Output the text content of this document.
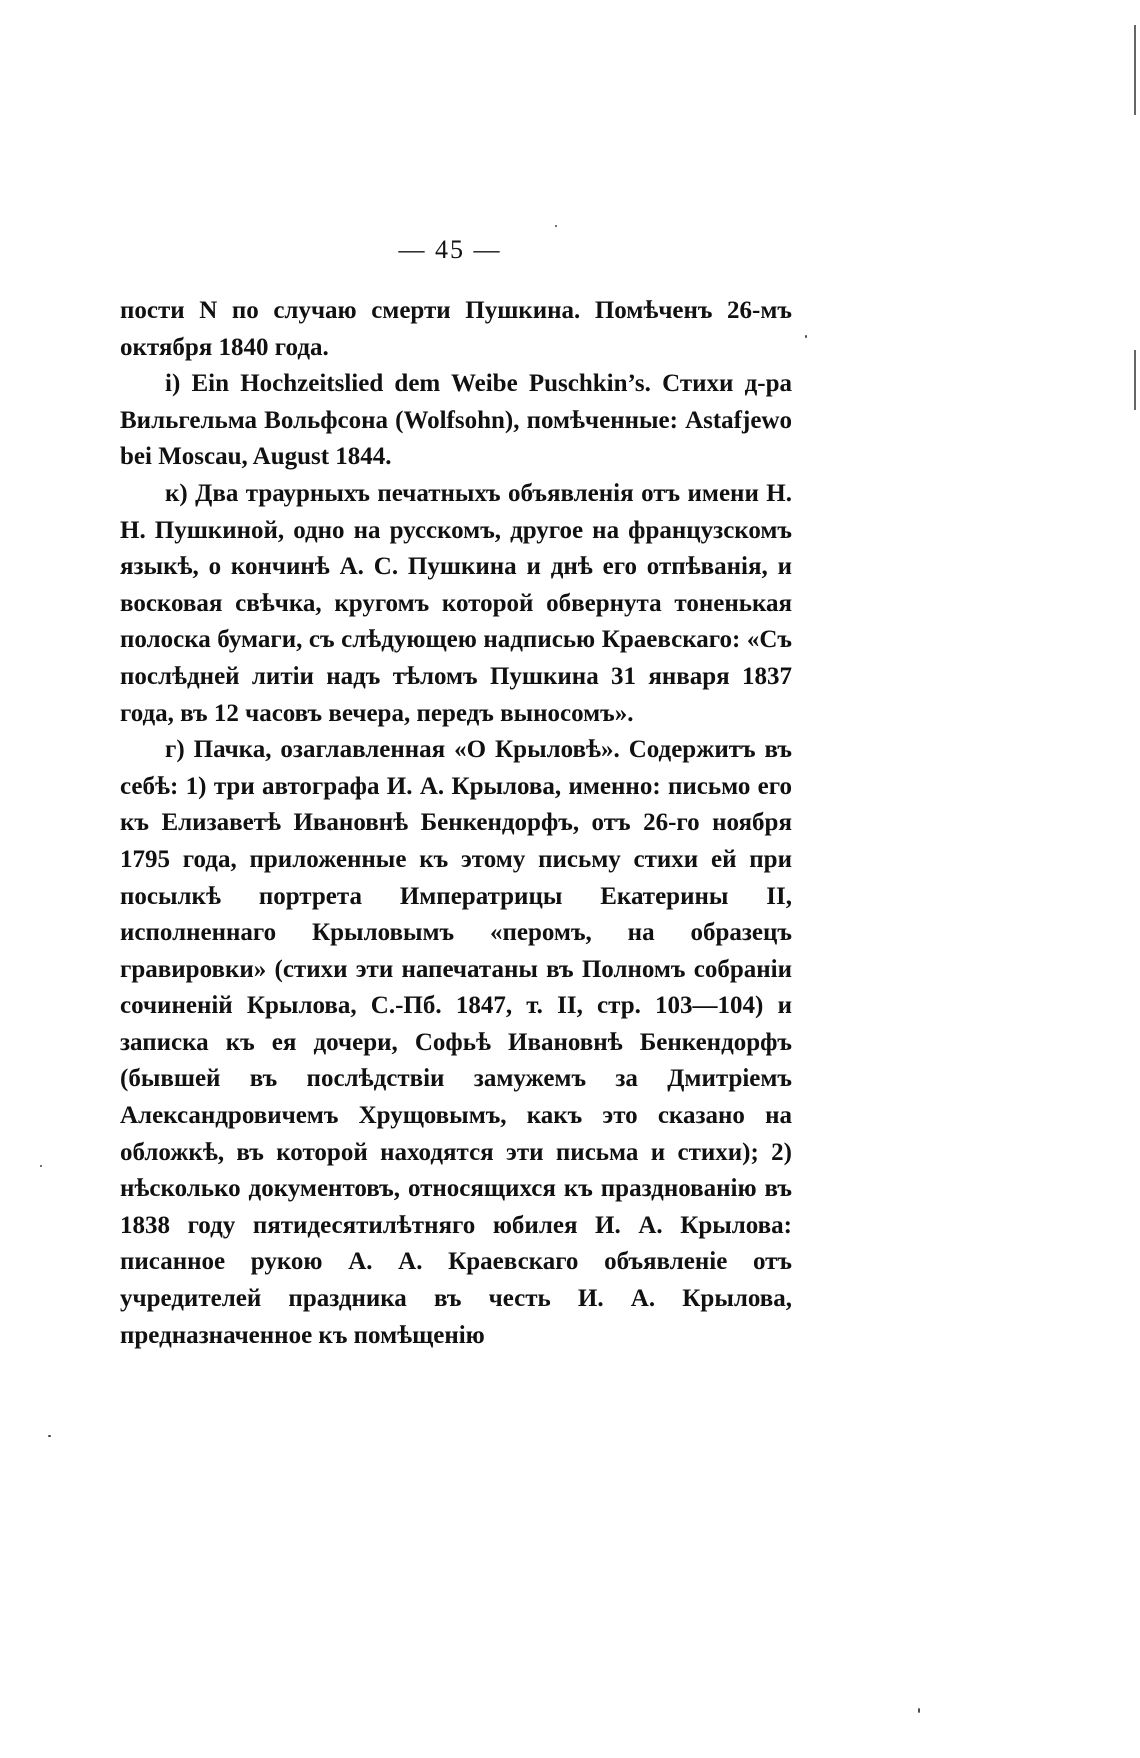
— 45 —

пости N по случаю смерти Пушкина. Помѣченъ 26-мъ октября 1840 года.

i) Ein Hochzeitslied dem Weibe Puschkin’s. Стихи д-ра Вильгельма Вольфсона (Wolfsohn), помѣченные: Astafjewo bei Moscau, August 1844.

к) Два траурныхъ печатныхъ объявленія отъ имени Н. Н. Пушкиной, одно на русскомъ, другое на французскомъ языкѣ, о кончинѣ А. С. Пушкина и днѣ его отпѣванія, и восковая свѣчка, кругомъ которой обвернута тоненькая полоска бумаги, съ слѣдующею надписью Краевскаго: «Съ послѣдней литіи надъ тѣломъ Пушкина 31 января 1837 года, въ 12 часовъ вечера, передъ выносомъ».

г) Пачка, озаглавленная «О Крыловѣ». Содержитъ въ себѣ: 1) три автографа И. А. Крылова, именно: письмо его къ Елизаветѣ Ивановнѣ Бенкендорфъ, отъ 26-го ноября 1795 года, приложенные къ этому письму стихи ей при посылкѣ портрета Императрицы Екатерины II, исполненнаго Крыловымъ «перомъ, на образецъ гравировки» (стихи эти напечатаны въ Полномъ собраніи сочиненій Крылова, С.-Пб. 1847, т. II, стр. 103—104) и записка къ ея дочери, Софьѣ Ивановнѣ Бенкендорфъ (бывшей въ послѣдствіи замужемъ за Дмитріемъ Александровичемъ Хрущовымъ, какъ это сказано на обложкѣ, въ которой находятся эти письма и стихи); 2) нѣсколько документовъ, относящихся къ празднованію въ 1838 году пятидесятилѣтняго юбилея И. А. Крылова: писанное рукою А. А. Краевскаго объявленіе отъ учредителей праздника въ честь И. А. Крылова, предназначенное къ помѣщенію
